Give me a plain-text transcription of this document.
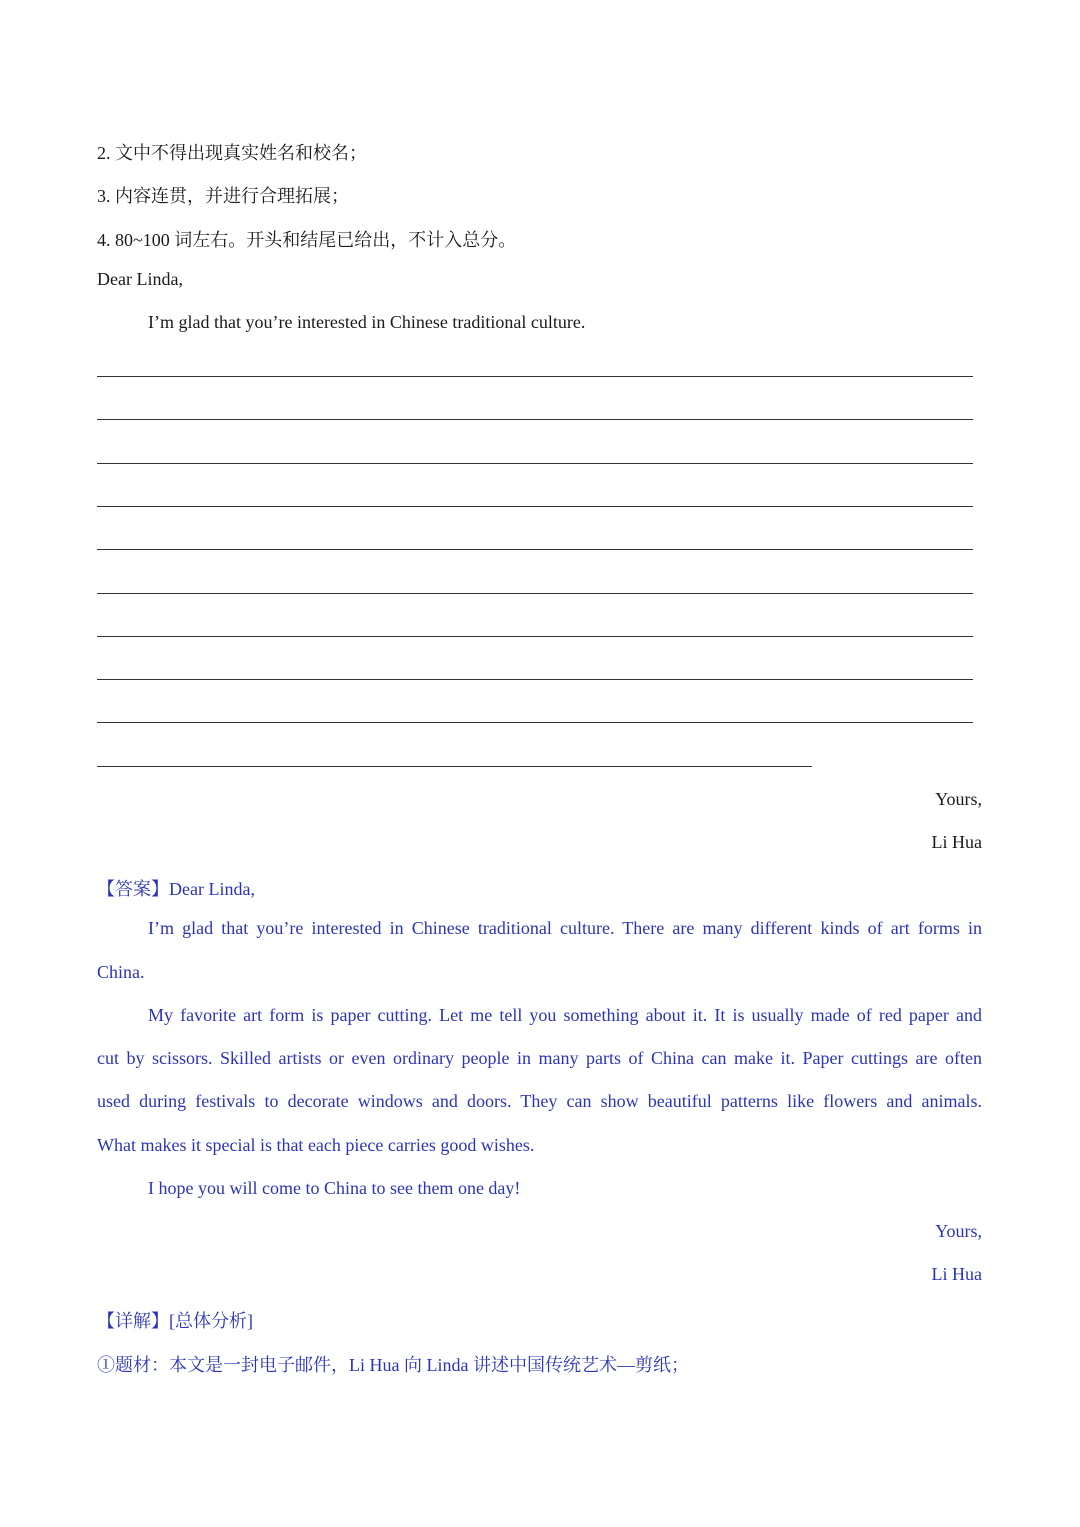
2. 文中不得出现真实姓名和校名；
3. 内容连贯，并进行合理拓展；
4. 80~100 词左右。开头和结尾已给出，不计入总分。
Dear Linda,
I’m glad that you’re interested in Chinese traditional culture.
Yours,
Li Hua
【答案】Dear Linda,
I’m glad that you’re interested in Chinese traditional culture. There are many different kinds of art forms in
China.
My favorite art form is paper cutting. Let me tell you something about it. It is usually made of red paper and
cut by scissors. Skilled artists or even ordinary people in many parts of China can make it. Paper cuttings are often
used during festivals to decorate windows and doors. They can show beautiful patterns like flowers and animals.
What makes it special is that each piece carries good wishes.
I hope you will come to China to see them one day!
Yours,
Li Hua
【详解】[总体分析]
①题材：本文是一封电子邮件，Li Hua 向 Linda 讲述中国传统艺术—剪纸；
